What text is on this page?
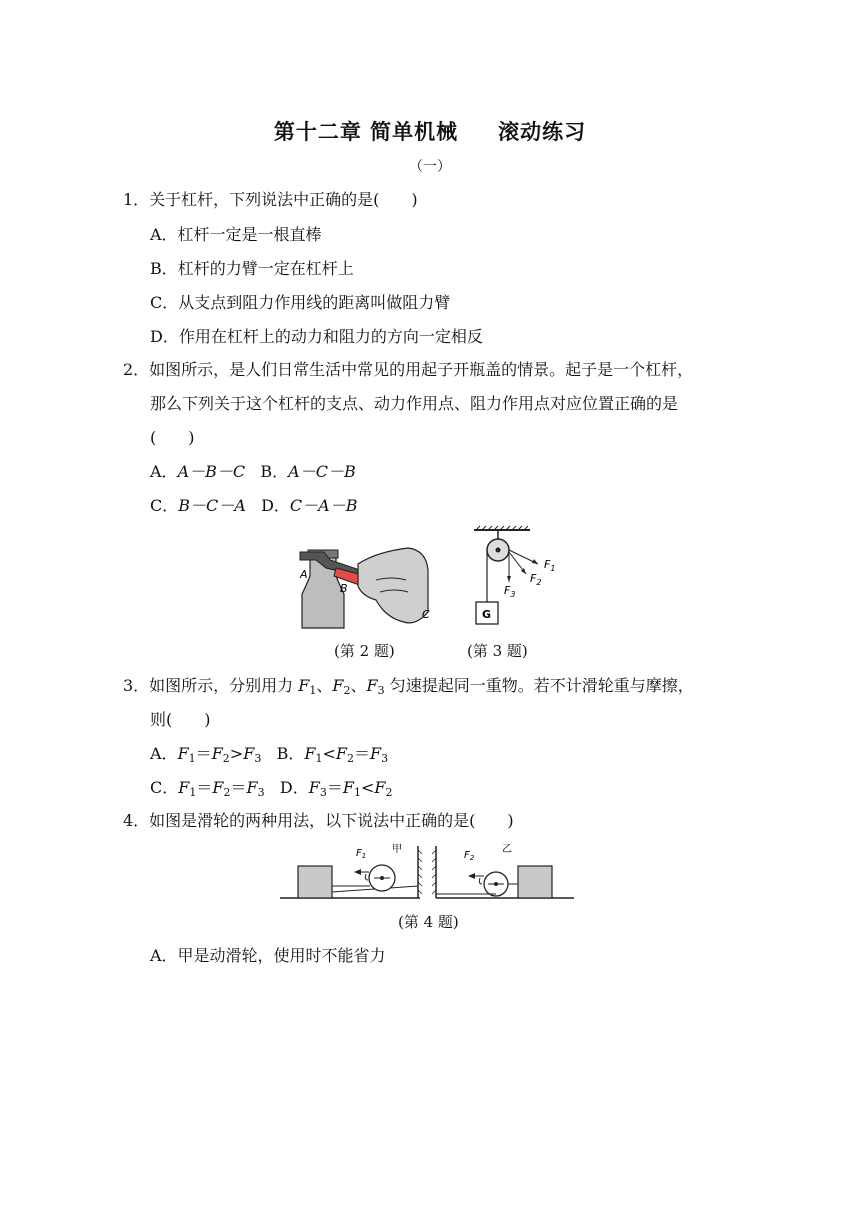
第十二章 简单机械 滚动练习
（一）
1．关于杠杆，下列说法中正确的是(　　)
A．杠杆一定是一根直棒
B．杠杆的力臂一定在杠杆上
C．从支点到阻力作用线的距离叫做阻力臂
D．作用在杠杆上的动力和阻力的方向一定相反
2．如图所示，是人们日常生活中常见的用起子开瓶盖的情景。起子是一个杠杆，
那么下列关于这个杠杆的支点、动力作用点、阻力作用点对应位置正确的是
(　　)
A．A－B－C B．A－C－B
C．B－C－A D．C－A－B
A
B
C	G
$F_1$
$F_2$
$F_3$
(第 2 题)	(第 3 题)
3．如图所示，分别用力 $F_1$、$F_2$、$F_3$ 匀速提起同一重物。若不计滑轮重与摩擦，
则(　　)
A．$F_1=F_2>F_3$ B．$F_1<F_2=F_3$
C．$F_1=F_2=F_3$ D．$F_3=F_1<F_2$
4．如图是滑轮的两种用法，以下说法中正确的是(　　)
$F_1$
甲
$F_2$
乙
(第 4 题)
A．甲是动滑轮，使用时不能省力
